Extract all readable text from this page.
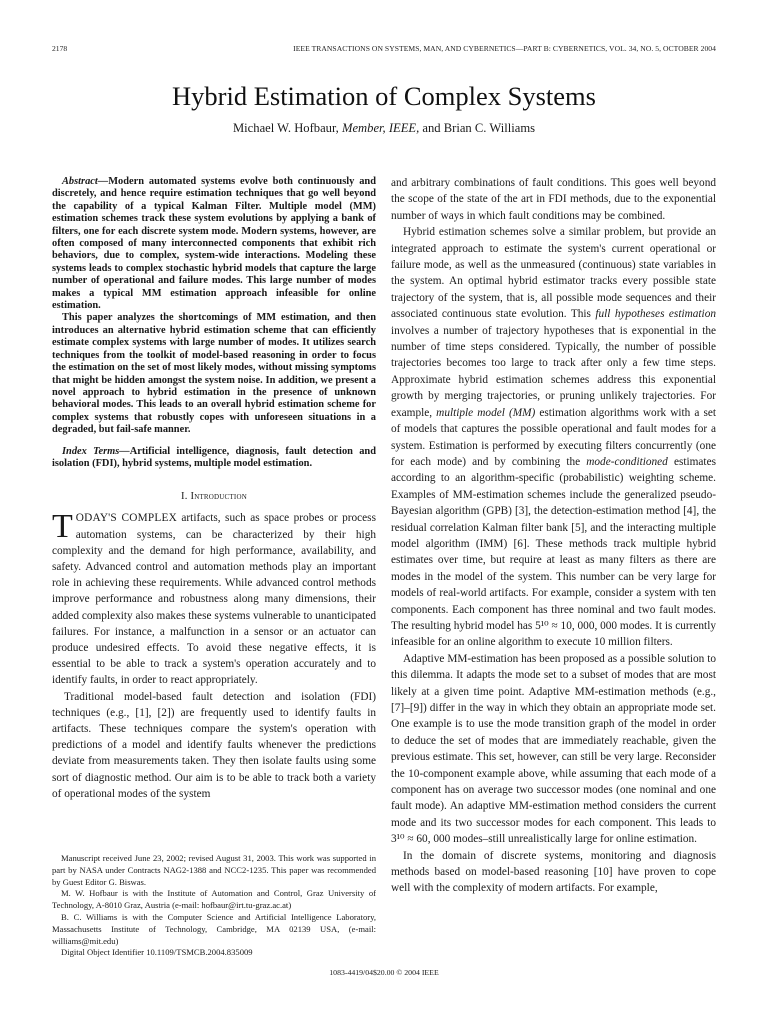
2178	IEEE TRANSACTIONS ON SYSTEMS, MAN, AND CYBERNETICS—PART B: CYBERNETICS, VOL. 34, NO. 5, OCTOBER 2004
Hybrid Estimation of Complex Systems
Michael W. Hofbaur, Member, IEEE, and Brian C. Williams

Abstract—Modern automated systems evolve both continuously and discretely, and hence require estimation techniques that go well beyond the capability of a typical Kalman Filter. Multiple model (MM) estimation schemes track these system evolutions by applying a bank of filters, one for each discrete system mode. Modern systems, however, are often composed of many interconnected components that exhibit rich behaviors, due to complex, system-wide interactions. Modeling these systems leads to complex stochastic hybrid models that capture the large number of operational and failure modes. This large number of modes makes a typical MM estimation approach infeasible for online estimation.

This paper analyzes the shortcomings of MM estimation, and then introduces an alternative hybrid estimation scheme that can efficiently estimate complex systems with large number of modes. It utilizes search techniques from the toolkit of model-based reasoning in order to focus the estimation on the set of most likely modes, without missing symptoms that might be hidden amongst the system noise. In addition, we present a novel approach to hybrid estimation in the presence of unknown behavioral modes. This leads to an overall hybrid estimation scheme for complex systems that robustly copes with unforeseen situations in a degraded, but fail-safe manner.

Index Terms—Artificial intelligence, diagnosis, fault detection and isolation (FDI), hybrid systems, multiple model estimation.
I. Introduction

TODAY'S COMPLEX artifacts, such as space probes or process automation systems, can be characterized by their high complexity and the demand for high performance, availability, and safety. Advanced control and automation methods play an important role in achieving these requirements. While advanced control methods improve performance and robustness along many dimensions, their added complexity also makes these systems vulnerable to unanticipated failures. For instance, a malfunction in a sensor or an actuator can produce undesired effects. To avoid these negative effects, it is essential to be able to track a system's operation accurately and to identify faults, in order to react appropriately.

Traditional model-based fault detection and isolation (FDI) techniques (e.g., [1], [2]) are frequently used to identify faults in artifacts. These techniques compare the system's operation with predictions of a model and identify faults whenever the predictions deviate from measurements taken. They then isolate faults using some sort of diagnostic method. Our aim is to be able to track both a variety of operational modes of the system

Manuscript received June 23, 2002; revised August 31, 2003. This work was supported in part by NASA under Contracts NAG2-1388 and NCC2-1235. This paper was recommended by Guest Editor G. Biswas.

M. W. Hofbaur is with the Institute of Automation and Control, Graz University of Technology, A-8010 Graz, Austria (e-mail: hofbaur@irt.tu-graz.ac.at)

B. C. Williams is with the Computer Science and Artificial Intelligence Laboratory, Massachusetts Institute of Technology, Cambridge, MA 02139 USA, (e-mail: williams@mit.edu)

Digital Object Identifier 10.1109/TSMCB.2004.835009

and arbitrary combinations of fault conditions. This goes well beyond the scope of the state of the art in FDI methods, due to the exponential number of ways in which fault conditions may be combined.

Hybrid estimation schemes solve a similar problem, but provide an integrated approach to estimate the system's current operational or failure mode, as well as the unmeasured (continuous) state variables in the system. An optimal hybrid estimator tracks every possible state trajectory of the system, that is, all possible mode sequences and their associated continuous state evolution. This full hypotheses estimation involves a number of trajectory hypotheses that is exponential in the number of time steps considered. Typically, the number of possible trajectories becomes too large to track after only a few time steps. Approximate hybrid estimation schemes address this exponential growth by merging trajectories, or pruning unlikely trajectories. For example, multiple model (MM) estimation algorithms work with a set of models that captures the possible operational and fault modes for a system. Estimation is performed by executing filters concurrently (one for each mode) and by combining the mode-conditioned estimates according to an algorithm-specific (probabilistic) weighting scheme. Examples of MM-estimation schemes include the generalized pseudo-Bayesian algorithm (GPB) [3], the detection-estimation method [4], the residual correlation Kalman filter bank [5], and the interacting multiple model algorithm (IMM) [6]. These methods track multiple hybrid estimates over time, but require at least as many filters as there are modes in the model of the system. This number can be very large for models of real-world artifacts. For example, consider a system with ten components. Each component has three nominal and two fault modes. The resulting hybrid model has 5¹⁰ ≈ 10, 000, 000 modes. It is currently infeasible for an online algorithm to execute 10 million filters.

Adaptive MM-estimation has been proposed as a possible solution to this dilemma. It adapts the mode set to a subset of modes that are most likely at a given time point. Adaptive MM-estimation methods (e.g., [7]–[9]) differ in the way in which they obtain an appropriate mode set. One example is to use the mode transition graph of the model in order to deduce the set of modes that are immediately reachable, given the previous estimate. This set, however, can still be very large. Reconsider the 10-component example above, while assuming that each mode of a component has on average two successor modes (one nominal and one fault mode). An adaptive MM-estimation method considers the current mode and its two successor modes for each component. This leads to 3¹⁰ ≈ 60, 000 modes–still unrealistically large for online estimation.

In the domain of discrete systems, monitoring and diagnosis methods based on model-based reasoning [10] have proven to cope well with the complexity of modern artifacts. For example,

1083-4419/04$20.00 © 2004 IEEE
